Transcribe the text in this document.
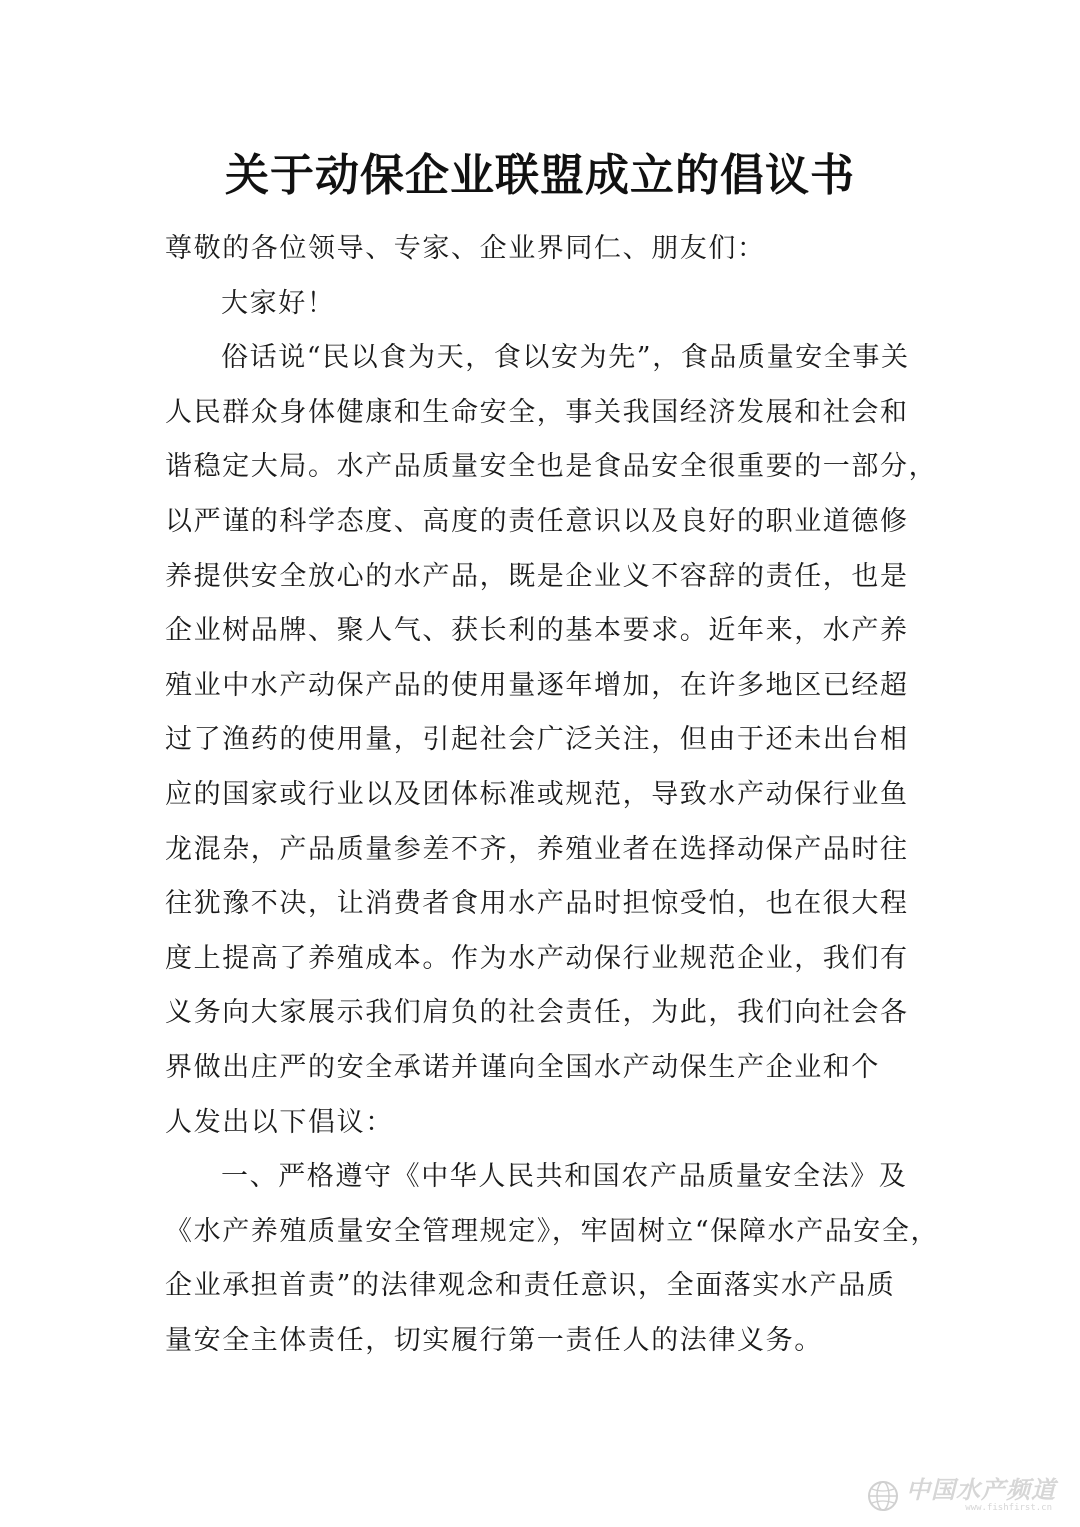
关于动保企业联盟成立的倡议书
尊敬的各位领导、专家、企业界同仁、朋友们：
大家好！
俗话说“民以食为天，食以安为先”，食品质量安全事关
人民群众身体健康和生命安全，事关我国经济发展和社会和
谐稳定大局。水产品质量安全也是食品安全很重要的一部分，
以严谨的科学态度、高度的责任意识以及良好的职业道德修
养提供安全放心的水产品，既是企业义不容辞的责任，也是
企业树品牌、聚人气、获长利的基本要求。近年来，水产养
殖业中水产动保产品的使用量逐年增加，在许多地区已经超
过了渔药的使用量，引起社会广泛关注，但由于还未出台相
应的国家或行业以及团体标准或规范，导致水产动保行业鱼
龙混杂，产品质量参差不齐，养殖业者在选择动保产品时往
往犹豫不决，让消费者食用水产品时担惊受怕，也在很大程
度上提高了养殖成本。作为水产动保行业规范企业，我们有
义务向大家展示我们肩负的社会责任，为此，我们向社会各
界做出庄严的安全承诺并谨向全国水产动保生产企业和个
人发出以下倡议：
一、严格遵守《中华人民共和国农产品质量安全法》及
《水产养殖质量安全管理规定》，牢固树立“保障水产品安全，
企业承担首责”的法律观念和责任意识，全面落实水产品质
量安全主体责任，切实履行第一责任人的法律义务。
中国水产频道
www.fishfirst.cn
